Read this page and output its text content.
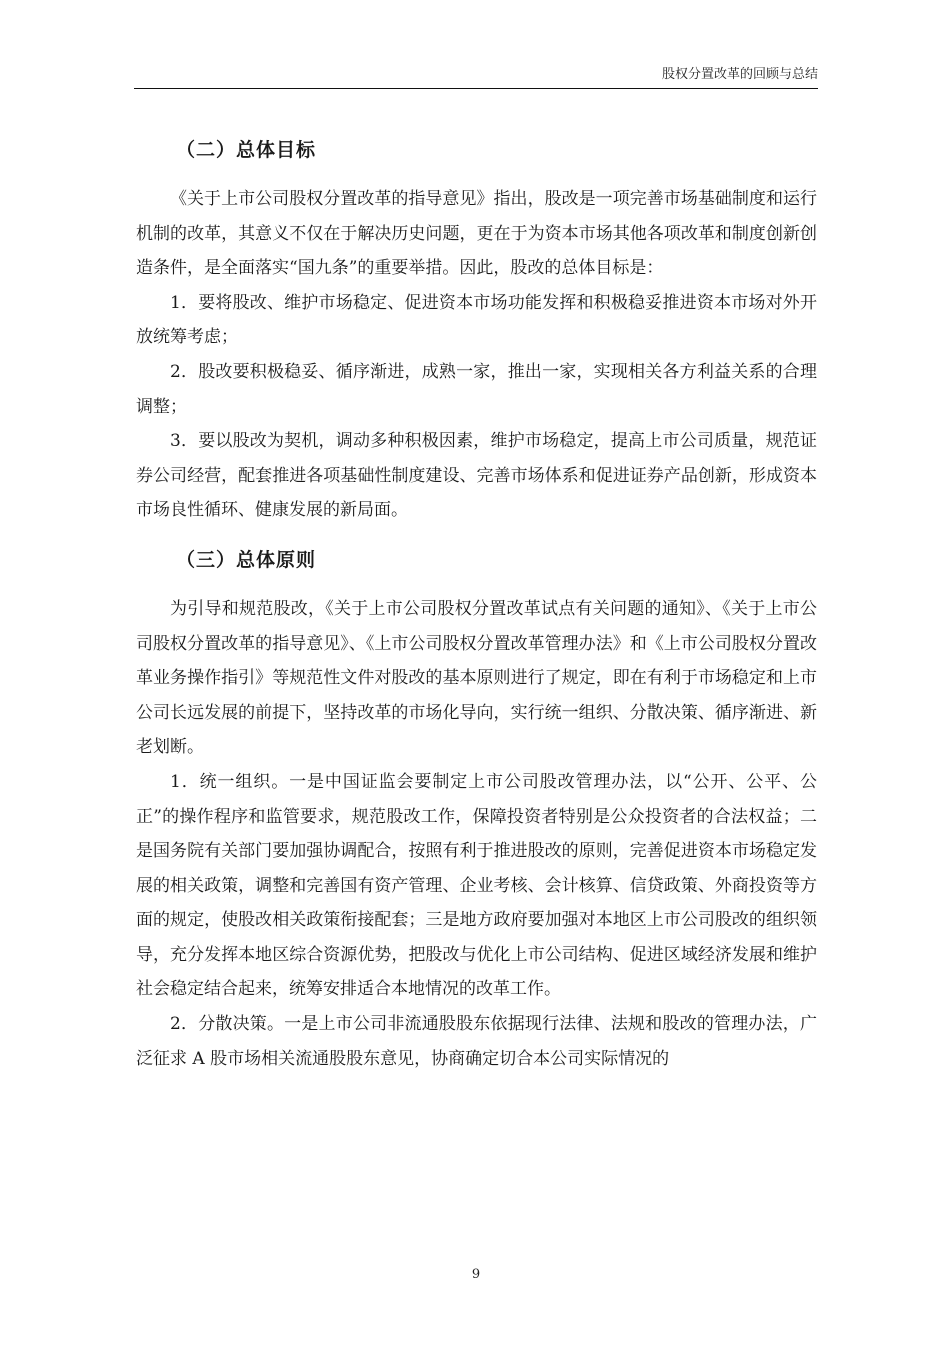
股权分置改革的回顾与总结
（二）总体目标

《关于上市公司股权分置改革的指导意见》指出，股改是一项完善市场基础制度和运行机制的改革，其意义不仅在于解决历史问题，更在于为资本市场其他各项改革和制度创新创造条件，是全面落实“国九条”的重要举措。因此，股改的总体目标是：

1．要将股改、维护市场稳定、促进资本市场功能发挥和积极稳妥推进资本市场对外开放统筹考虑；

2．股改要积极稳妥、循序渐进，成熟一家，推出一家，实现相关各方利益关系的合理调整；

3．要以股改为契机，调动多种积极因素，维护市场稳定，提高上市公司质量，规范证券公司经营，配套推进各项基础性制度建设、完善市场体系和促进证券产品创新，形成资本市场良性循环、健康发展的新局面。

（三）总体原则

为引导和规范股改，《关于上市公司股权分置改革试点有关问题的通知》、《关于上市公司股权分置改革的指导意见》、《上市公司股权分置改革管理办法》和《上市公司股权分置改革业务操作指引》等规范性文件对股改的基本原则进行了规定，即在有利于市场稳定和上市公司长远发展的前提下，坚持改革的市场化导向，实行统一组织、分散决策、循序渐进、新老划断。

1．统一组织。一是中国证监会要制定上市公司股改管理办法，以“公开、公平、公正”的操作程序和监管要求，规范股改工作，保障投资者特别是公众投资者的合法权益；二是国务院有关部门要加强协调配合，按照有利于推进股改的原则，完善促进资本市场稳定发展的相关政策，调整和完善国有资产管理、企业考核、会计核算、信贷政策、外商投资等方面的规定，使股改相关政策衔接配套；三是地方政府要加强对本地区上市公司股改的组织领导，充分发挥本地区综合资源优势，把股改与优化上市公司结构、促进区域经济发展和维护社会稳定结合起来，统筹安排适合本地情况的改革工作。

2．分散决策。一是上市公司非流通股股东依据现行法律、法规和股改的管理办法，广泛征求 A 股市场相关流通股股东意见，协商确定切合本公司实际情况的

9
